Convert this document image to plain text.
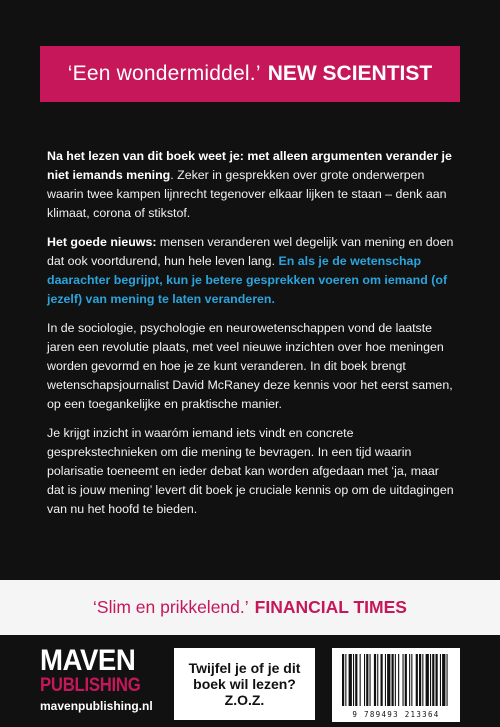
‘Een wondermiddel.’ NEW SCIENTIST

Na het lezen van dit boek weet je: met alleen argumenten verander je niet iemands mening. Zeker in gesprekken over grote onderwerpen waarin twee kampen lijnrecht tegenover elkaar lijken te staan – denk aan klimaat, corona of stikstof.

Het goede nieuws: mensen veranderen wel degelijk van mening en doen dat ook voortdurend, hun hele leven lang. En als je de wetenschap daarachter begrijpt, kun je betere gesprekken voeren om iemand (of jezelf) van mening te laten veranderen.

In de sociologie, psychologie en neurowetenschappen vond de laatste jaren een revolutie plaats, met veel nieuwe inzichten over hoe meningen worden gevormd en hoe je ze kunt veranderen. In dit boek brengt wetenschapsjournalist David McRaney deze kennis voor het eerst samen, op een toegankelijke en praktische manier.

Je krijgt inzicht in waaróm iemand iets vindt en concrete gesprekstechnieken om die mening te bevragen. In een tijd waarin polarisatie toeneemt en ieder debat kan worden afgedaan met ‘ja, maar dat is jouw mening’ levert dit boek je cruciale kennis op om de uitdagingen van nu het hoofd te bieden.

‘Slim en prikkelend.’ FINANCIAL TIMES
MAVEN
PUBLISHING
mavenpublishing.nl
Twijfel je of je dit
boek wil lezen?
Z.O.Z.
9 789493 213364
